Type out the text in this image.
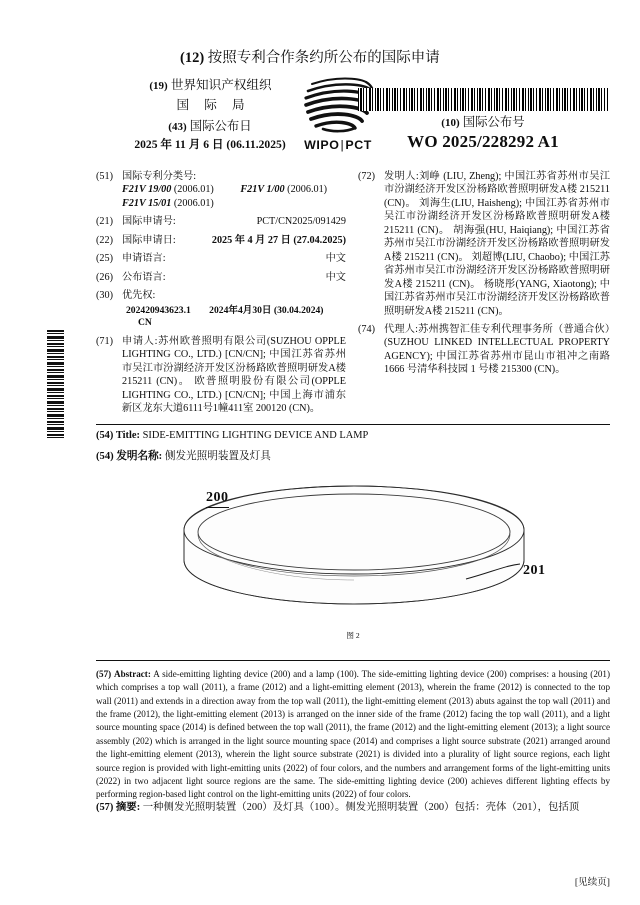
(12) 按照专利合作条约所公布的国际申请
(19) 世界知识产权组织
国 际 局
(43) 国际公布日
2025 年 11 月 6 日 (06.11.2025)	WIPO|PCT
(10) 国际公布号
WO 2025/228292 A1
(51) 国际专利分类号:
F21V 19/00 (2006.01)	F21V 1/00 (2006.01)
F21V 15/01 (2006.01)
(21) 国际申请号:	PCT/CN2025/091429
(22) 国际申请日:	2025 年 4 月 27 日 (27.04.2025)
(25) 申请语言:	中文
(26) 公布语言:	中文
(30) 优先权:
202420943623.1 2024年4月30日 (30.04.2024) CN
(71) 申请人:苏州欧普照明有限公司(SUZHOU OPPLE LIGHTING CO., LTD.) [CN/CN]; 中国江苏省苏州市吴江市汾湖经济开发区汾杨路欧普照明研发A楼 215211 (CN)。 欧普照明股份有限公司(OPPLE LIGHTING CO., LTD.) [CN/CN]; 中国上海市浦东新区龙东大道6111号1幢411室 200120 (CN)。
(72) 发明人:刘峥 (LIU, Zheng); 中国江苏省苏州市吴江市汾湖经济开发区汾杨路欧普照明研发A楼 215211 (CN)。 刘海生(LIU, Haisheng); 中国江苏省苏州市吴江市汾湖经济开发区汾杨路欧普照明研发A楼 215211 (CN)。 胡海强(HU, Haiqiang); 中国江苏省苏州市吴江市汾湖经济开发区汾杨路欧普照明研发A楼 215211 (CN)。 刘超博(LIU, Chaobo); 中国江苏省苏州市吴江市汾湖经济开发区汾杨路欧普照明研发A楼 215211 (CN)。 杨晓彤(YANG, Xiaotong); 中国江苏省苏州市吴江市汾湖经济开发区汾杨路欧普照明研发A楼 215211 (CN)。
(74) 代理人:苏州携智汇佳专利代理事务所（普通合伙）(SUZHOU LINKED INTELLECTUAL PROPERTY AGENCY); 中国江苏省苏州市昆山市祖冲之南路 1666 号清华科技园 1 号楼 215300 (CN)。
(54) Title: SIDE-EMITTING LIGHTING DEVICE AND LAMP
(54) 发明名称: 侧发光照明装置及灯具
200
201
图 2
(57) Abstract: A side-emitting lighting device (200) and a lamp (100). The side-emitting lighting device (200) comprises: a housing (201) which comprises a top wall (2011), a frame (2012) and a light-emitting element (2013), wherein the frame (2012) is connected to the top wall (2011) and extends in a direction away from the top wall (2011), the light-emitting element (2013) abuts against the top wall (2011) and the frame (2012), the light-emitting element (2013) is arranged on the inner side of the frame (2012) facing the top wall (2011), and a light source mounting space (2014) is defined between the top wall (2011), the frame (2012) and the light-emitting element (2013); a light source assembly (202) which is arranged in the light source mounting space (2014) and comprises a light source substrate (2021) arranged around the light-emitting element (2013), wherein the light source substrate (2021) is divided into a plurality of light source regions, each light source region is provided with light-emitting units (2022) of four colors, and the numbers and arrangement forms of the light-emitting units (2022) in two adjacent light source regions are the same. The side-emitting lighting device (200) achieves different lighting effects by performing region-based light control on the light-emitting units (2022) of four colors.
(57) 摘要: 一种侧发光照明装置（200）及灯具（100）。侧发光照明装置（200）包括：壳体（201），包括顶
[见续页]
